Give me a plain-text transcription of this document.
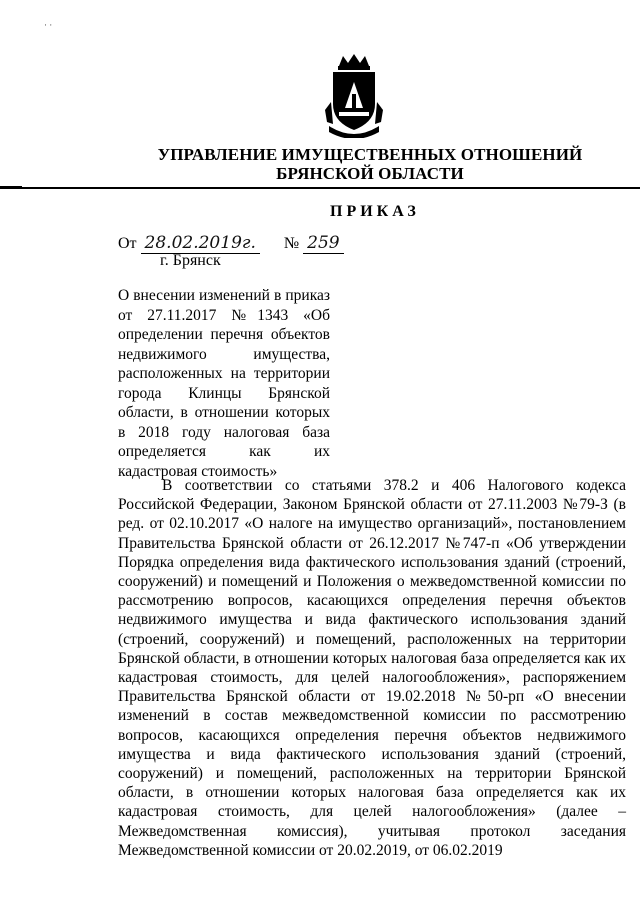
· ·
УПРАВЛЕНИЕ ИМУЩЕСТВЕННЫХ ОТНОШЕНИЙ
БРЯНСКОЙ ОБЛАСТИ
ПРИКАЗ
От 28.02.2019г. № 259
г. Брянск
О внесении изменений в приказ от 27.11.2017 №1343 «Об определении перечня объектов недвижимого имущества, расположенных на территории города Клинцы Брянской области, в отношении которых в 2018 году налоговая база определяется как их
кадастровая стоимость»
В соответствии со статьями 378.2 и 406 Налогового кодекса Российской Федерации, Законом Брянской области от 27.11.2003 №79-З (в ред. от 02.10.2017 «О налоге на имущество организаций», постановлением Правительства Брянской области от 26.12.2017 №747-п «Об утверждении Порядка определения вида фактического использования зданий (строений, сооружений) и помещений и Положения о межведомственной комиссии по рассмотрению вопросов, касающихся определения перечня объектов недвижимого имущества и вида фактического использования зданий (строений, сооружений) и помещений, расположенных на территории Брянской области, в отношении которых налоговая база определяется как их кадастровая стоимость, для целей налогообложения», распоряжением Правительства Брянской области от 19.02.2018 №50-рп «О внесении изменений в состав межведомственной комиссии по рассмотрению вопросов, касающихся определения перечня объектов недвижимого имущества и вида фактического использования зданий (строений, сооружений) и помещений, расположенных на территории Брянской области, в отношении которых налоговая база определяется как их кадастровая стоимость, для целей налогообложения» (далее – Межведомственная комиссия), учитывая протокол заседания Межведомственной комиссии от 20.02.2019, от 06.02.2019
